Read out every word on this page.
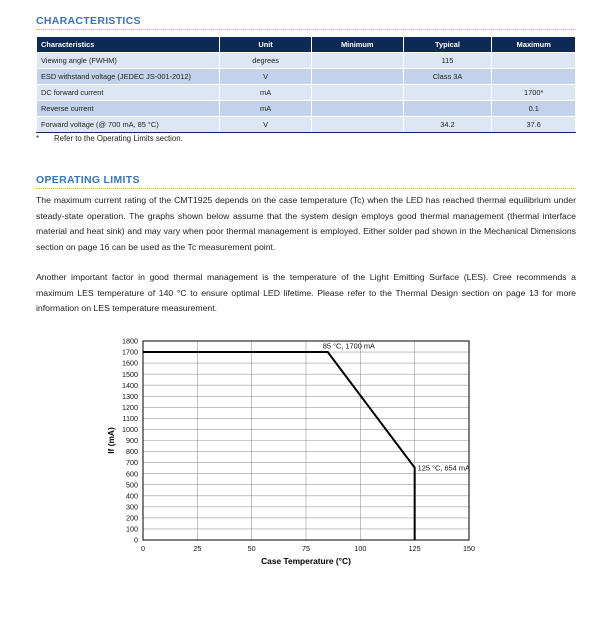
CHARACTERISTICS
Characteristics	Unit	Minimum	Typical	Maximum
Viewing angle (FWHM)	degrees		115	
ESD withstand voltage (JEDEC JS-001-2012)	V		Class 3A	
DC forward current	mA			1700*
Reverse current	mA			0.1
Forward voltage (@ 700 mA, 85 °C)	V		34.2	37.6
* Refer to the Operating Limits section.
OPERATING LIMITS

The maximum current rating of the CMT1925 depends on the case temperature (Tc) when the LED has reached thermal equilibrium under steady-state operation. The graphs shown below assume that the system design employs good thermal management (thermal interface material and heat sink) and may vary when poor thermal management is employed. Either solder pad shown in the Mechanical Dimensions section on page 16 can be used as the Tc measurement point.

Another important factor in good thermal management is the temperature of the Light Emitting Surface (LES). Cree recommends a maximum LES temperature of 140 °C to ensure optimal LED lifetime. Please refer to the Thermal Design section on page 13 for more information on LES temperature measurement.

0
100
200
300
400
500
600
700
800
900
1000
1100
1200
1300
1400
1500
1600
1700
1800
0	25	50	75	100	125	150
85 °C, 1700 mA
125 °C, 654 mA
Case Temperature (°C)
If (mA)
